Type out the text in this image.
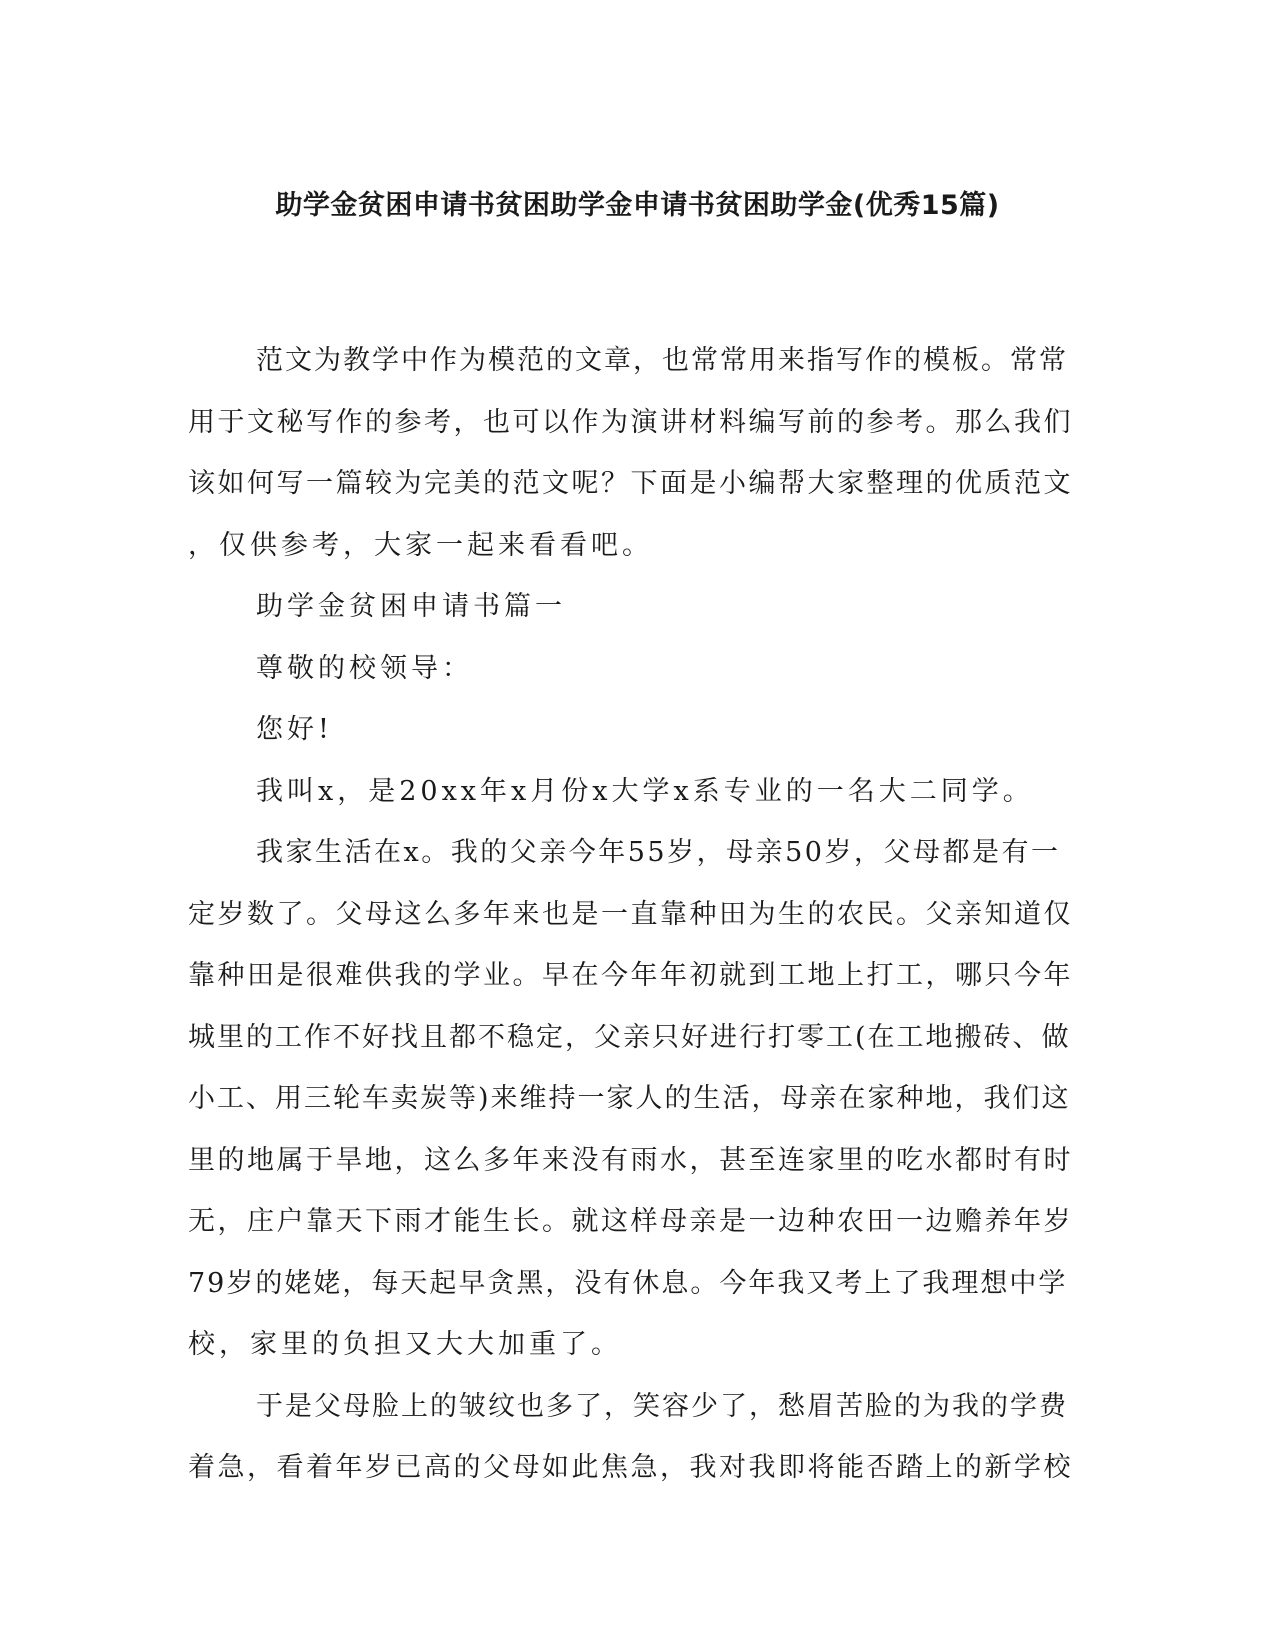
助学金贫困申请书贫困助学金申请书贫困助学金(优秀15篇)
范文为教学中作为模范的文章，也常常用来指写作的模板。常常
用于文秘写作的参考，也可以作为演讲材料编写前的参考。那么我们
该如何写一篇较为完美的范文呢？下面是小编帮大家整理的优质范文
，仅供参考，大家一起来看看吧。
助学金贫困申请书篇一
尊敬的校领导：
您好!
我叫x，是20xx年x月份x大学x系专业的一名大二同学。
我家生活在x。我的父亲今年55岁，母亲50岁，父母都是有一
定岁数了。父母这么多年来也是一直靠种田为生的农民。父亲知道仅
靠种田是很难供我的学业。早在今年年初就到工地上打工，哪只今年
城里的工作不好找且都不稳定，父亲只好进行打零工(在工地搬砖、做
小工、用三轮车卖炭等)来维持一家人的生活，母亲在家种地，我们这
里的地属于旱地，这么多年来没有雨水，甚至连家里的吃水都时有时
无，庄户靠天下雨才能生长。就这样母亲是一边种农田一边赡养年岁
79岁的姥姥，每天起早贪黑，没有休息。今年我又考上了我理想中学
校，家里的负担又大大加重了。
于是父母脸上的皱纹也多了，笑容少了，愁眉苦脸的为我的学费
着急，看着年岁已高的父母如此焦急，我对我即将能否踏上的新学校
